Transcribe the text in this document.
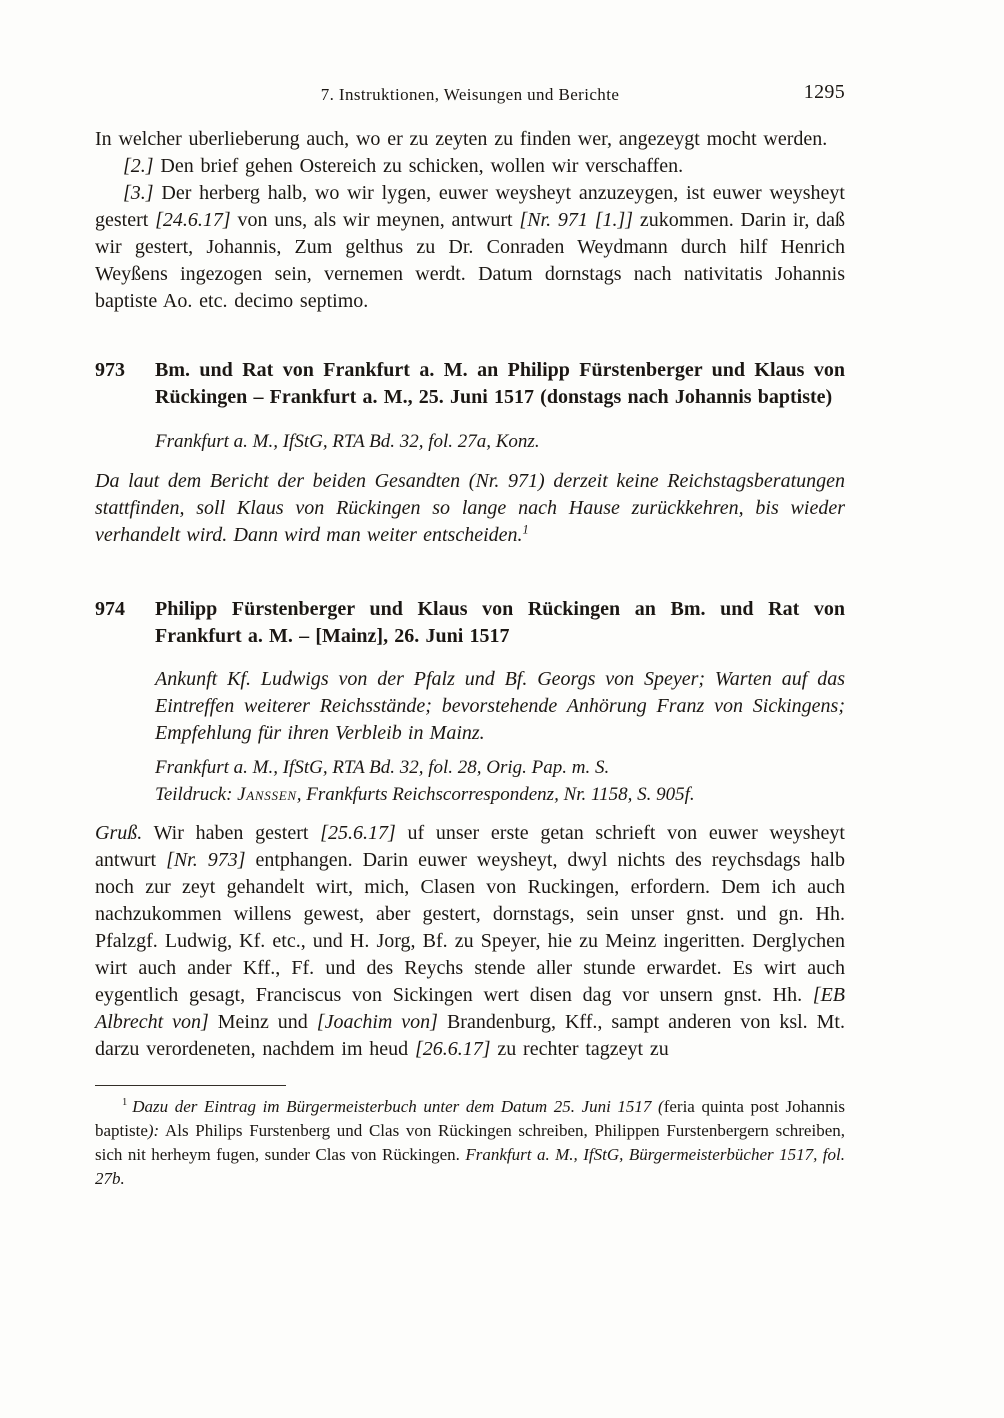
7. Instruktionen, Weisungen und Berichte	1295

In welcher uberlieberung auch, wo er zu zeyten zu finden wer, angezeygt mocht werden.

[2.] Den brief gehen Ostereich zu schicken, wollen wir verschaffen.

[3.] Der herberg halb, wo wir lygen, euwer weysheyt anzuzeygen, ist euwer weysheyt gestert [24.6.17] von uns, als wir meynen, antwurt [Nr. 971 [1.]] zukommen. Darin ir, daß wir gestert, Johannis, Zum gelthus zu Dr. Conraden Weydmann durch hilf Henrich Weyßens ingezogen sein, vernemen werdt. Datum dornstags nach nativitatis Johannis baptiste Ao. etc. decimo septimo.

973	Bm. und Rat von Frankfurt a. M. an Philipp Fürstenberger und Klaus von Rückingen – Frankfurt a. M., 25. Juni 1517 (donstags nach Johannis baptiste)

Frankfurt a. M., IfStG, RTA Bd. 32, fol. 27a, Konz.

Da laut dem Bericht der beiden Gesandten (Nr. 971) derzeit keine Reichstagsberatungen stattfinden, soll Klaus von Rückingen so lange nach Hause zurückkehren, bis wieder verhandelt wird. Dann wird man weiter entscheiden.$^1$

974	Philipp Fürstenberger und Klaus von Rückingen an Bm. und Rat von Frankfurt a. M. – [Mainz], 26. Juni 1517

Ankunft Kf. Ludwigs von der Pfalz und Bf. Georgs von Speyer; Warten auf das Eintreffen weiterer Reichsstände; bevorstehende Anhörung Franz von Sickingens; Empfehlung für ihren Verbleib in Mainz.

Frankfurt a. M., IfStG, RTA Bd. 32, fol. 28, Orig. Pap. m. S.

Teildruck: Janssen, Frankfurts Reichscorrespondenz, Nr. 1158, S. 905f.

Gruß. Wir haben gestert [25.6.17] uf unser erste getan schrieft von euwer weysheyt antwurt [Nr. 973] entphangen. Darin euwer weysheyt, dwyl nichts des reychsdags halb noch zur zeyt gehandelt wirt, mich, Clasen von Ruckingen, erfordern. Dem ich auch nachzukommen willens gewest, aber gestert, dornstags, sein unser gnst. und gn. Hh. Pfalzgf. Ludwig, Kf. etc., und H. Jorg, Bf. zu Speyer, hie zu Meinz ingeritten. Derglychen wirt auch ander Kff., Ff. und des Reychs stende aller stunde erwardet. Es wirt auch eygentlich gesagt, Franciscus von Sickingen wert disen dag vor unsern gnst. Hh. [EB Albrecht von] Meinz und [Joachim von] Brandenburg, Kff., sampt anderen von ksl. Mt. darzu verordeneten, nachdem im heud [26.6.17] zu rechter tagzeyt zu

$^1$ Dazu der Eintrag im Bürgermeisterbuch unter dem Datum 25. Juni 1517 (feria quinta post Johannis baptiste): Als Philips Furstenberg und Clas von Rückingen schreiben, Philippen Furstenbergern schreiben, sich nit herheym fugen, sunder Clas von Rückingen. Frankfurt a. M., IfStG, Bürgermeisterbücher 1517, fol. 27b.
